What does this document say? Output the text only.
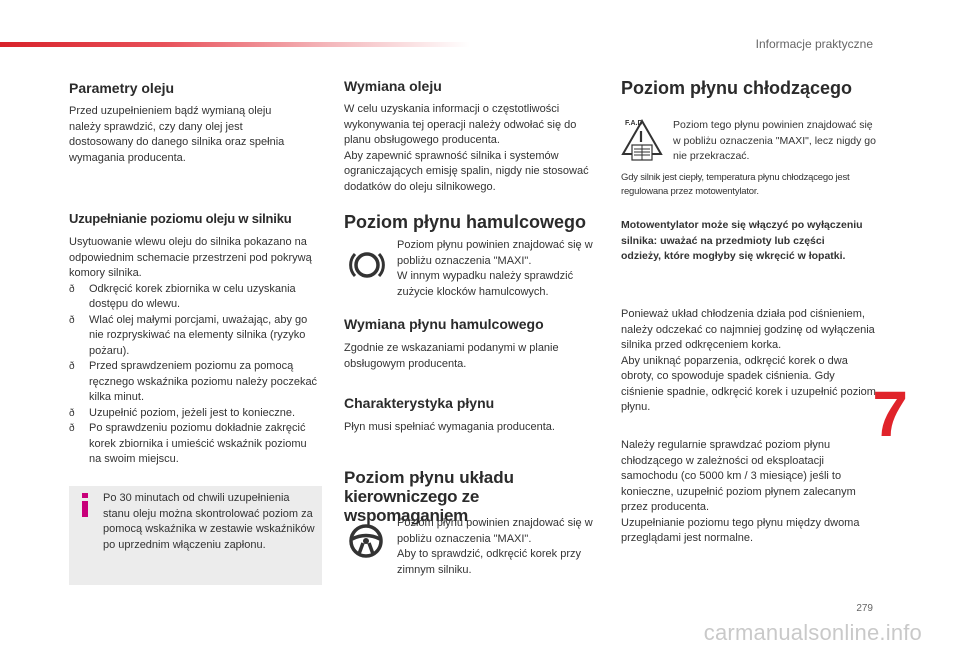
Informacje praktyczne
Parametry oleju

Przed uzupełnieniem bądź wymianą oleju należy sprawdzić, czy dany olej jest dostosowany do danego silnika oraz spełnia wymagania producenta.

Uzupełnianie poziomu oleju w silniku

Usytuowanie wlewu oleju do silnika pokazano na odpowiednim schemacie przestrzeni pod pokrywą komory silnika.

ð Odkręcić korek zbiornika w celu uzyskania dostępu do wlewu.
ð Wlać olej małymi porcjami, uważając, aby go nie rozpryskiwać na elementy silnika (ryzyko pożaru).
ð Przed sprawdzeniem poziomu za pomocą ręcznego wskaźnika poziomu należy poczekać kilka minut.
ð Uzupełnić poziom, jeżeli jest to konieczne.
ð Po sprawdzeniu poziomu dokładnie zakręcić korek zbiornika i umieścić wskaźnik poziomu na swoim miejscu.

Po 30 minutach od chwili uzupełnienia stanu oleju można skontrolować poziom za pomocą wskaźnika w zestawie wskaźników po uprzednim włączeniu zapłonu.

Wymiana oleju

W celu uzyskania informacji o częstotliwości wykonywania tej operacji należy odwołać się do planu obsługowego producenta.
Aby zapewnić sprawność silnika i systemów ograniczających emisję spalin, nigdy nie stosować dodatków do oleju silnikowego.

Poziom płynu hamulcowego

Poziom płynu powinien znajdować się w pobliżu oznaczenia "MAXI".
W innym wypadku należy sprawdzić zużycie klocków hamulcowych.

Wymiana płynu hamulcowego

Zgodnie ze wskazaniami podanymi w planie obsługowym producenta.

Charakterystyka płynu

Płyn musi spełniać wymagania producenta.

Poziom płynu układu
kierowniczego ze wspomaganiem

Poziom płynu powinien znajdować się w pobliżu oznaczenia "MAXI".
Aby to sprawdzić, odkręcić korek przy zimnym silniku.

Poziom płynu chłodzącego
F.A.D	Poziom tego płynu powinien znajdować się w pobliżu oznaczenia "MAXI", lecz nigdy go nie przekraczać.

Gdy silnik jest ciepły, temperatura płynu chłodzącego jest regulowana przez motowentylator.

Motowentylator może się włączyć po wyłączeniu silnika: uważać na przedmioty lub części odzieży, które mogłyby się wkręcić w łopatki.

Ponieważ układ chłodzenia działa pod ciśnieniem, należy odczekać co najmniej godzinę od wyłączenia silnika przed odkręceniem korka.
Aby uniknąć poparzenia, odkręcić korek o dwa obroty, co spowoduje spadek ciśnienia. Gdy ciśnienie spadnie, odkręcić korek i uzupełnić poziom płynu.

Należy regularnie sprawdzać poziom płynu chłodzącego w zależności od eksploatacji samochodu (co 5000 km / 3 miesiące) jeśli to konieczne, uzupełnić poziom płynem zalecanym przez producenta.
Uzupełnianie poziomu tego płynu między dwoma przeglądami jest normalne.

7
279
carmanualsonline.info
